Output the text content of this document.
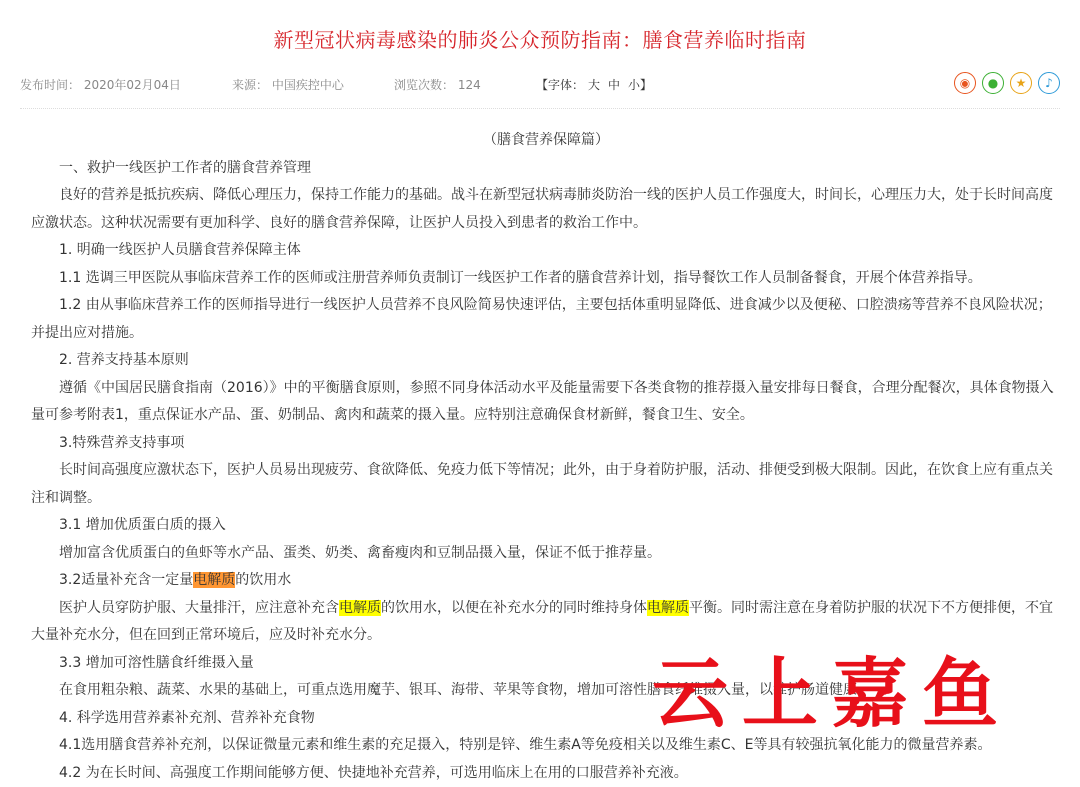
新型冠状病毒感染的肺炎公众预防指南：膳食营养临时指南
发布时间： 2020年02月04日	来源： 中国疾控中心	浏览次数： 124	【字体： 大 中 小】	◉	●	★	♪

（膳食营养保障篇）

一、救护一线医护工作者的膳食营养管理

良好的营养是抵抗疾病、降低心理压力，保持工作能力的基础。战斗在新型冠状病毒肺炎防治一线的医护人员工作强度大，时间长，心理压力大，处于长时间高度应激状态。这种状况需要有更加科学、良好的膳食营养保障，让医护人员投入到患者的救治工作中。

1. 明确一线医护人员膳食营养保障主体

1.1 选调三甲医院从事临床营养工作的医师或注册营养师负责制订一线医护工作者的膳食营养计划，指导餐饮工作人员制备餐食，开展个体营养指导。

1.2 由从事临床营养工作的医师指导进行一线医护人员营养不良风险简易快速评估，主要包括体重明显降低、进食减少以及便秘、口腔溃疡等营养不良风险状况；并提出应对措施。

2. 营养支持基本原则

遵循《中国居民膳食指南（2016）》中的平衡膳食原则，参照不同身体活动水平及能量需要下各类食物的推荐摄入量安排每日餐食，合理分配餐次，具体食物摄入量可参考附表1，重点保证水产品、蛋、奶制品、禽肉和蔬菜的摄入量。应特别注意确保食材新鲜，餐食卫生、安全。

3.特殊营养支持事项

长时间高强度应激状态下，医护人员易出现疲劳、食欲降低、免疫力低下等情况；此外，由于身着防护服，活动、排便受到极大限制。因此，在饮食上应有重点关注和调整。

3.1 增加优质蛋白质的摄入

增加富含优质蛋白的鱼虾等水产品、蛋类、奶类、禽畜瘦肉和豆制品摄入量，保证不低于推荐量。

3.2适量补充含一定量电解质的饮用水

医护人员穿防护服、大量排汗，应注意补充含电解质的饮用水，以便在补充水分的同时维持身体电解质平衡。同时需注意在身着防护服的状况下不方便排便，不宜大量补充水分，但在回到正常环境后，应及时补充水分。

3.3 增加可溶性膳食纤维摄入量

在食用粗杂粮、蔬菜、水果的基础上，可重点选用魔芋、银耳、海带、苹果等食物，增加可溶性膳食纤维摄入量，以维护肠道健康。

4. 科学选用营养素补充剂、营养补充食物

4.1选用膳食营养补充剂，以保证微量元素和维生素的充足摄入，特别是锌、维生素A等免疫相关以及维生素C、E等具有较强抗氧化能力的微量营养素。

4.2 为在长时间、高强度工作期间能够方便、快捷地补充营养，可选用临床上在用的口服营养补充液。

云上嘉鱼
